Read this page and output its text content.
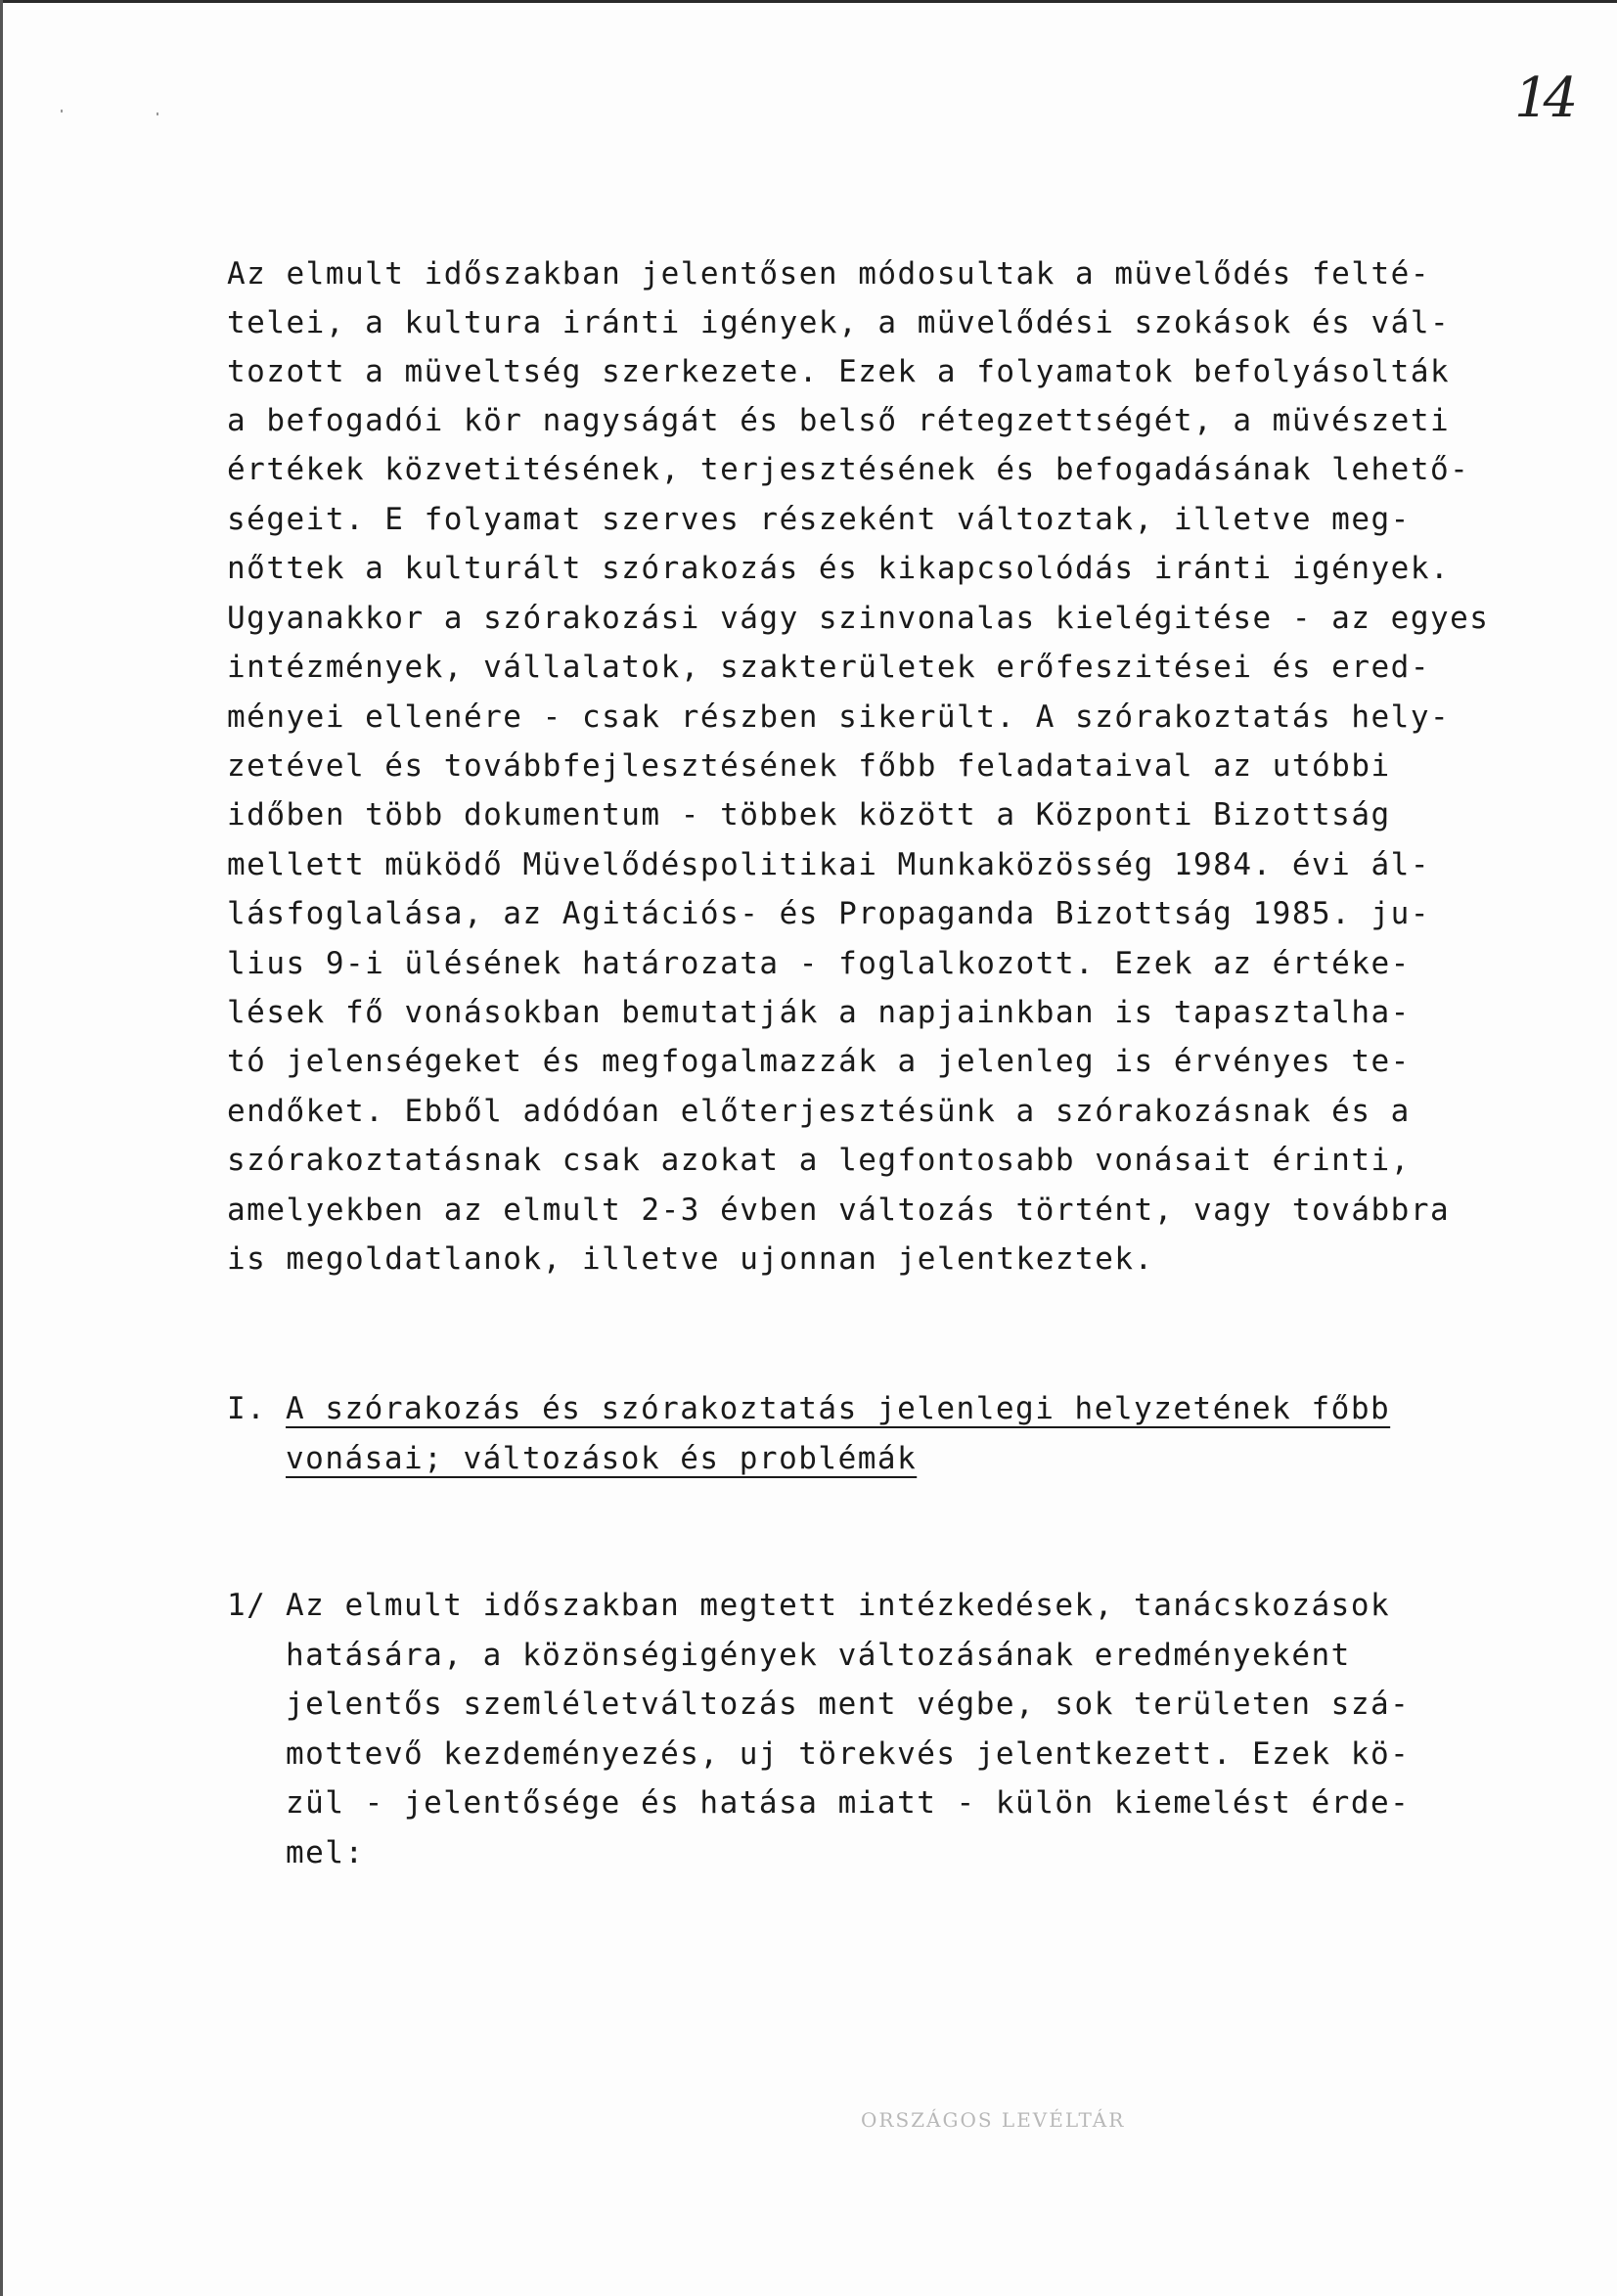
14

Az elmult időszakban jelentősen módosultak a müvelődés felté-

telei, a kultura iránti igények, a müvelődési szokások és vál-

tozott a müveltség szerkezete. Ezek a folyamatok befolyásolták

a befogadói kör nagyságát és belső rétegzettségét, a müvészeti

értékek közvetitésének, terjesztésének és befogadásának lehető-

ségeit. E folyamat szerves részeként változtak, illetve meg-

nőttek a kulturált szórakozás és kikapcsolódás iránti igények.

Ugyanakkor a szórakozási vágy szinvonalas kielégitése - az egyes

intézmények, vállalatok, szakterületek erőfeszitései és ered-

ményei ellenére - csak részben sikerült. A szórakoztatás hely-

zetével és továbbfejlesztésének főbb feladataival az utóbbi

időben több dokumentum - többek között a Központi Bizottság

mellett müködő Müvelődéspolitikai Munkaközösség 1984. évi ál-

lásfoglalása, az Agitációs- és Propaganda Bizottság 1985. ju-

lius 9-i ülésének határozata - foglalkozott. Ezek az értéke-

lések fő vonásokban bemutatják a napjainkban is tapasztalha-

tó jelenségeket és megfogalmazzák a jelenleg is érvényes te-

endőket. Ebből adódóan előterjesztésünk a szórakozásnak és a

szórakoztatásnak csak azokat a legfontosabb vonásait érinti,

amelyekben az elmult 2-3 évben változás történt, vagy továbbra

is megoldatlanok, illetve ujonnan jelentkeztek.

I. A szórakozás és szórakoztatás jelenlegi helyzetének főbb

vonásai; változások és problémák

1/ Az elmult időszakban megtett intézkedések, tanácskozások

hatására, a közönségigények változásának eredményeként

jelentős szemléletváltozás ment végbe, sok területen szá-

mottevő kezdeményezés, uj törekvés jelentkezett. Ezek kö-

zül - jelentősége és hatása miatt - külön kiemelést érde-

mel:

ORSZÁGOS LEVÉLTÁR
